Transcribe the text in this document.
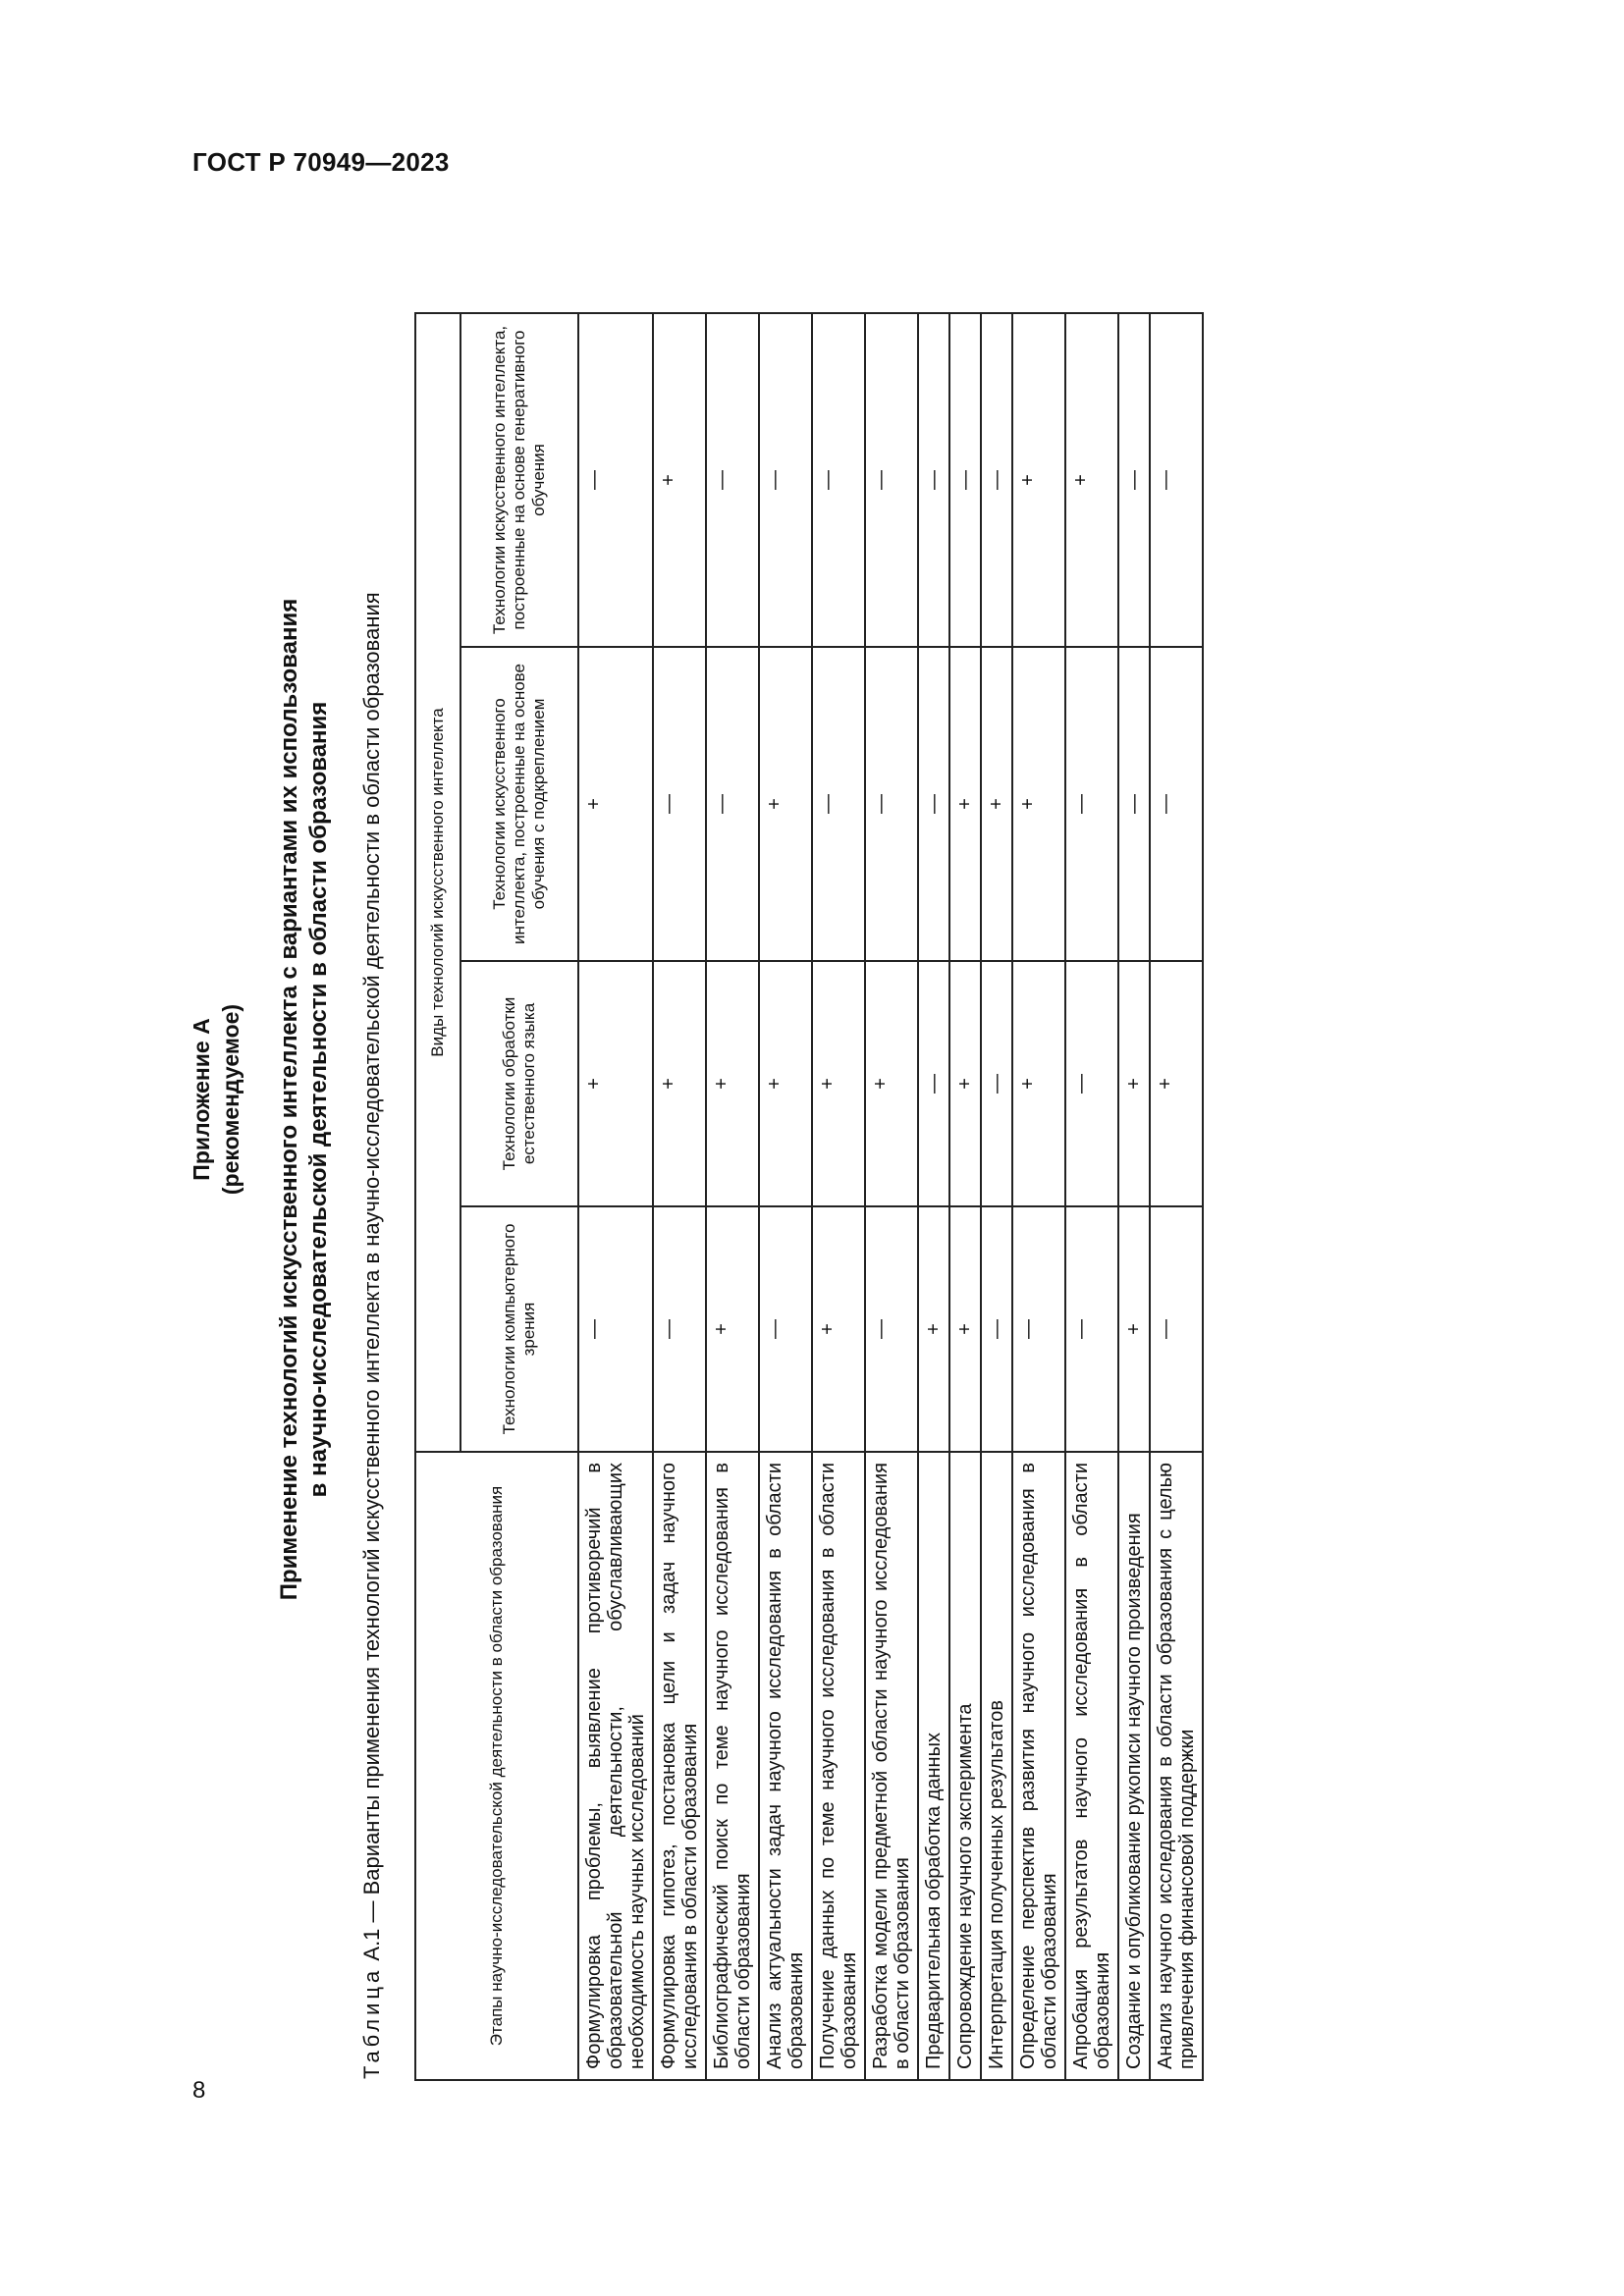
ГОСТ Р 70949—2023
8
Приложение А (рекомендуемое) Применение технологий искусственного интеллекта с вариантами их использования в научно-исследовательской деятельности в области образования
Таблица А.1 — Варианты применения технологий искусственного интеллекта в научно-исследовательской деятельности в области образования	Этапы научно-исследовательской деятельности в области образования	Виды технологий искусственного интеллекта			
	Технологии компьютерного зрения	Технологии обработки естественного языка	Технологии искусственного интеллекта, построенные на основе обучения с подкреплением	Технологии искусственного интеллекта, построенные на основе генеративного обучения
Формулировка проблемы, выявление противоречий в образовательной деятельности, обуславливающих необходимость научных исследований	—	+	+	—
Формулировка гипотез, постановка цели и задач научного исследования в области образования	—	+	—	+
Библиографический поиск по теме научного исследования в области образования	+	+	—	—
Анализ актуальности задач научного исследования в области образования	—	+	+	—
Получение данных по теме научного исследования в области образования	+	+	—	—
Разработка модели предметной области научного исследования в области образования	—	+	—	—
Предварительная обработка данных	+	—	—	—
Сопровождение научного эксперимента	+	+	+	—
Интерпретация полученных результатов	—	—	+	—
Определение перспектив развития научного исследования в области образования	—	+	+	+
Апробация результатов научного исследования в области образования	—	—	—	+
Создание и опубликование рукописи научного произведения	+	+	—	—
Анализ научного исследования в области образования с целью привлечения финансовой поддержки	—	+	—	—
